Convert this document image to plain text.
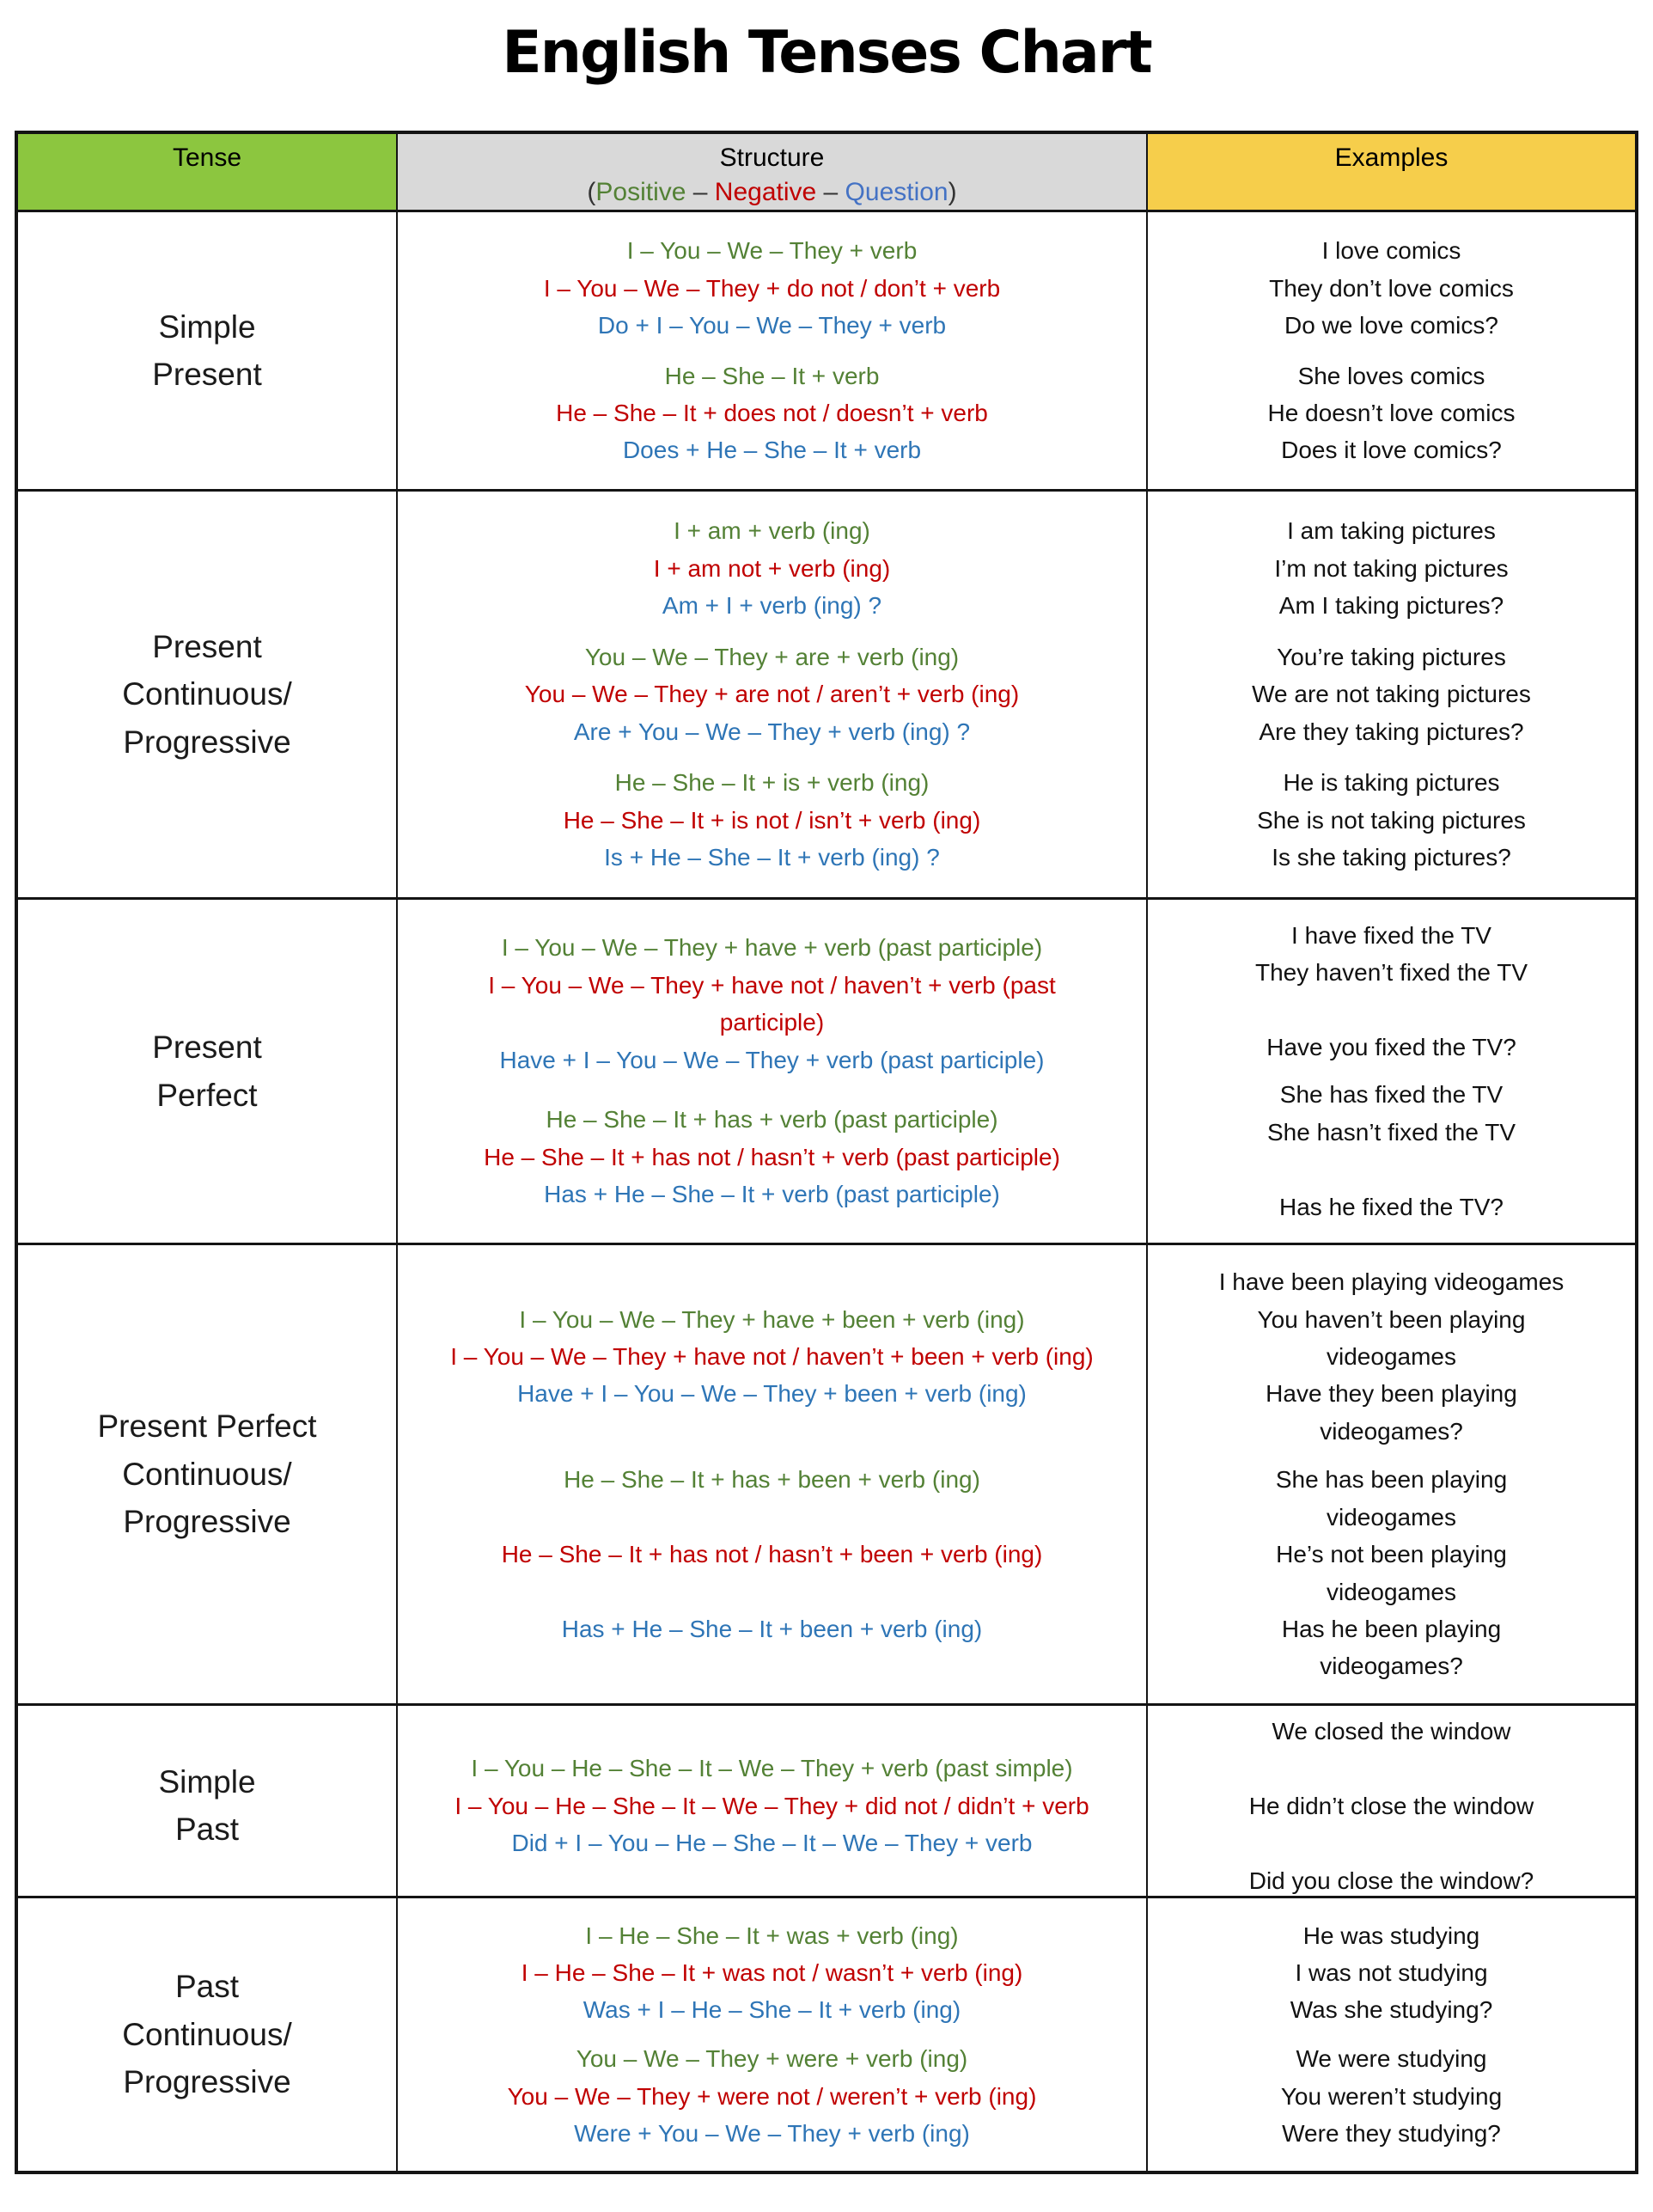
English Tenses Chart
Tense	Structure
(Positive – Negative – Question)
Examples
Simple
Present
I – You – We – They + verb
I – You – We – They + do not / don’t + verb
Do + I – You – We – They + verb
He – She – It + verb
He – She – It + does not / doesn’t + verb
Does + He – She – It + verb
I love comics
They don’t love comics
Do we love comics?
She loves comics
He doesn’t love comics
Does it love comics?
Present
Continuous/
Progressive
I + am + verb (ing)
I + am not + verb (ing)
Am + I + verb (ing) ?
You – We – They + are + verb (ing)
You – We – They + are not / aren’t + verb (ing)
Are + You – We – They + verb (ing) ?
He – She – It + is + verb (ing)
He – She – It + is not / isn’t + verb (ing)
Is + He – She – It + verb (ing) ?
I am taking pictures
I’m not taking pictures
Am I taking pictures?
You’re taking pictures
We are not taking pictures
Are they taking pictures?
He is taking pictures
She is not taking pictures
Is she taking pictures?
Present
Perfect
I – You – We – They + have + verb (past participle)
I – You – We – They + have not / haven’t + verb (past participle)
Have + I – You – We – They + verb (past participle)
He – She – It + has + verb (past participle)
He – She – It + has not / hasn’t + verb (past participle)
Has + He – She – It + verb (past participle)
I have fixed the TV
They haven’t fixed the TV
Have you fixed the TV?
She has fixed the TV
She hasn’t fixed the TV
Has he fixed the TV?
Present Perfect
Continuous/
Progressive
I – You – We – They + have + been + verb (ing)
I – You – We – They + have not / haven’t + been + verb (ing)
Have + I – You – We – They + been + verb (ing)
He – She – It + has + been + verb (ing)
He – She – It + has not / hasn’t + been + verb (ing)
Has + He – She – It + been + verb (ing)
I have been playing videogames
You haven’t been playing videogames
Have they been playing videogames?
She has been playing videogames
He’s not been playing videogames
Has he been playing videogames?
Simple
Past
I – You – He – She – It – We – They + verb (past simple)
I – You – He – She – It – We – They + did not / didn’t + verb
Did + I – You – He – She – It – We – They + verb
We closed the window
He didn’t close the window
Did you close the window?
Past
Continuous/
Progressive
I – He – She – It + was + verb (ing)
I – He – She – It + was not / wasn’t + verb (ing)
Was + I – He – She – It + verb (ing)
You – We – They + were + verb (ing)
You – We – They + were not / weren’t + verb (ing)
Were + You – We – They + verb (ing)
He was studying
I was not studying
Was she studying?
We were studying
You weren’t studying
Were they studying?
